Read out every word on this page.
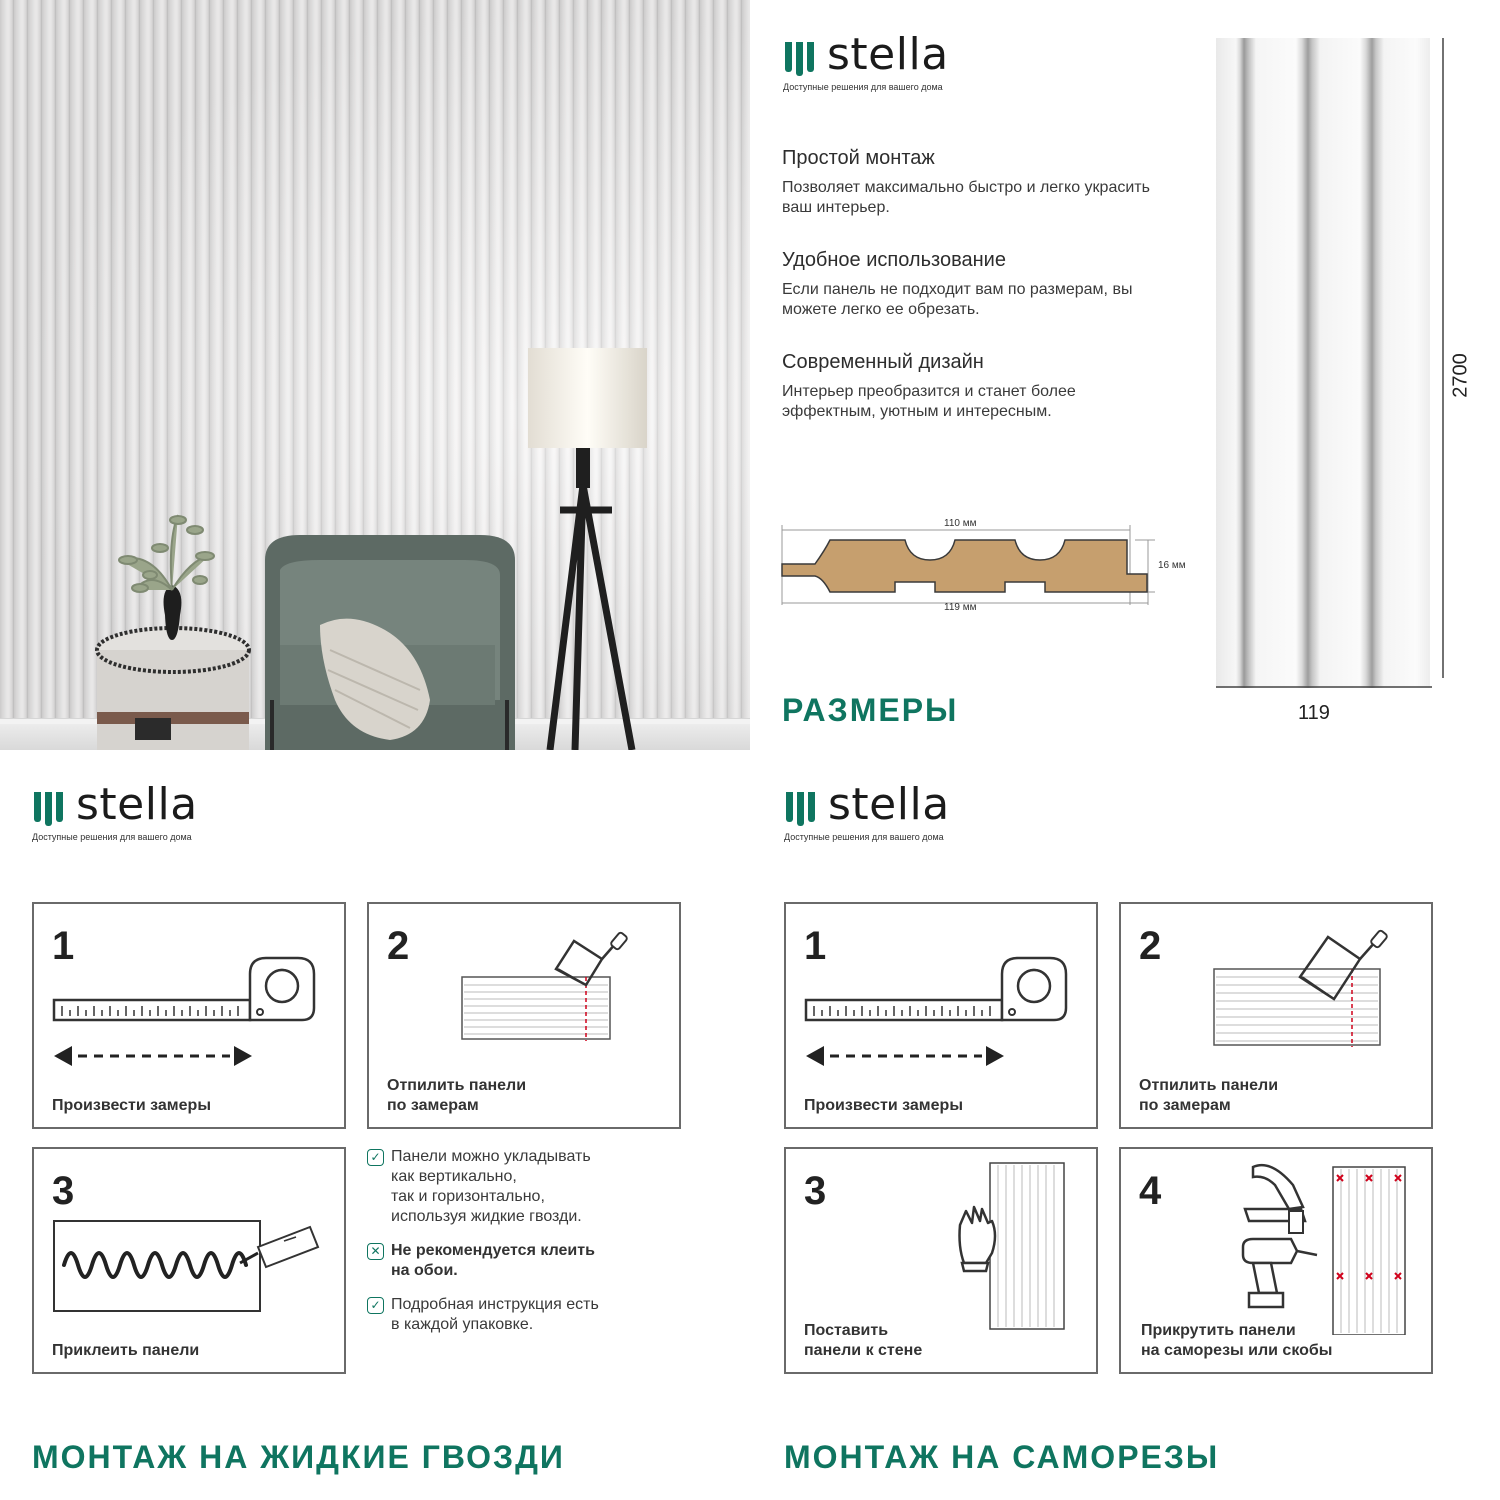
stella
Доступные решения для вашего дома
Простой монтаж
Позволяет максимально быстро и легко украсить ваш интерьер.
Удобное использование
Если панель не подходит вам по размерам, вы можете легко ее обрезать.
Современный дизайн
Интерьер преобразится и станет более эффектным, уютным и интересным.
110 мм
119 мм
16 мм
РАЗМЕРЫ
2700
119
stella
Доступные решения для вашего дома
1
Произвести замеры
2
Отпилить панели
по замерам
3
Приклеить панели
✓ Панели можно укладывать
как вертикально,
так и горизонтально,
используя жидкие гвозди.
✕ Не рекомендуется клеить
на обои.
✓ Подробная инструкция есть
в каждой упаковке.
МОНТАЖ НА ЖИДКИЕ ГВОЗДИ
stella
Доступные решения для вашего дома
1
Произвести замеры
2
Отпилить панели
по замерам
3
Поставить
панели к стене
4
Прикрутить панели
на саморезы или скобы
МОНТАЖ НА САМОРЕЗЫ
